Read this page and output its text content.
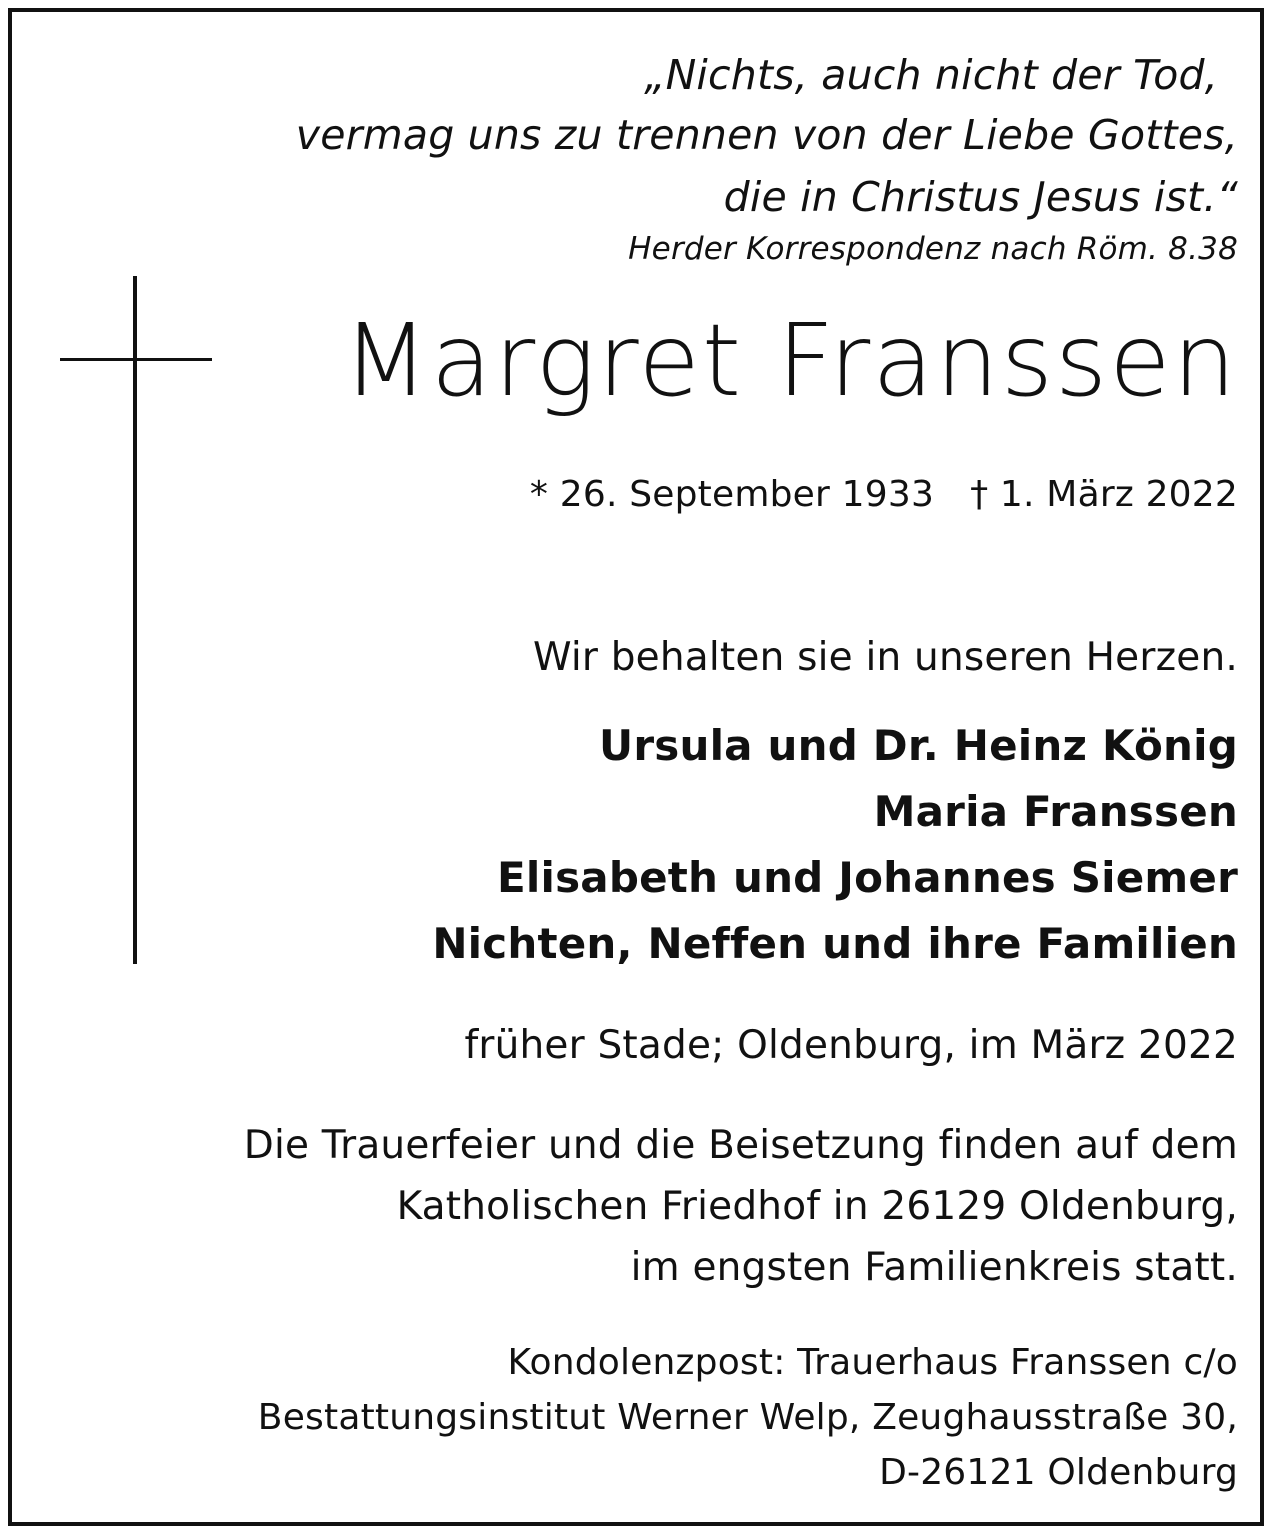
„Nichts, auch nicht der Tod,

vermag uns zu trennen von der Liebe Gottes,

die in Christus Jesus ist.“

Herder Korrespondenz nach Röm. 8.38

Margret Franssen

* 26. September 1933 † 1. März 2022

Wir behalten sie in unseren Herzen.

Ursula und Dr. Heinz König

Maria Franssen

Elisabeth und Johannes Siemer

Nichten, Neffen und ihre Familien

früher Stade; Oldenburg, im März 2022

Die Trauerfeier und die Beisetzung finden auf dem

Katholischen Friedhof in 26129 Oldenburg,

im engsten Familienkreis statt.

Kondolenzpost: Trauerhaus Franssen c/o

Bestattungsinstitut Werner Welp, Zeughausstraße 30,

D-26121 Oldenburg
